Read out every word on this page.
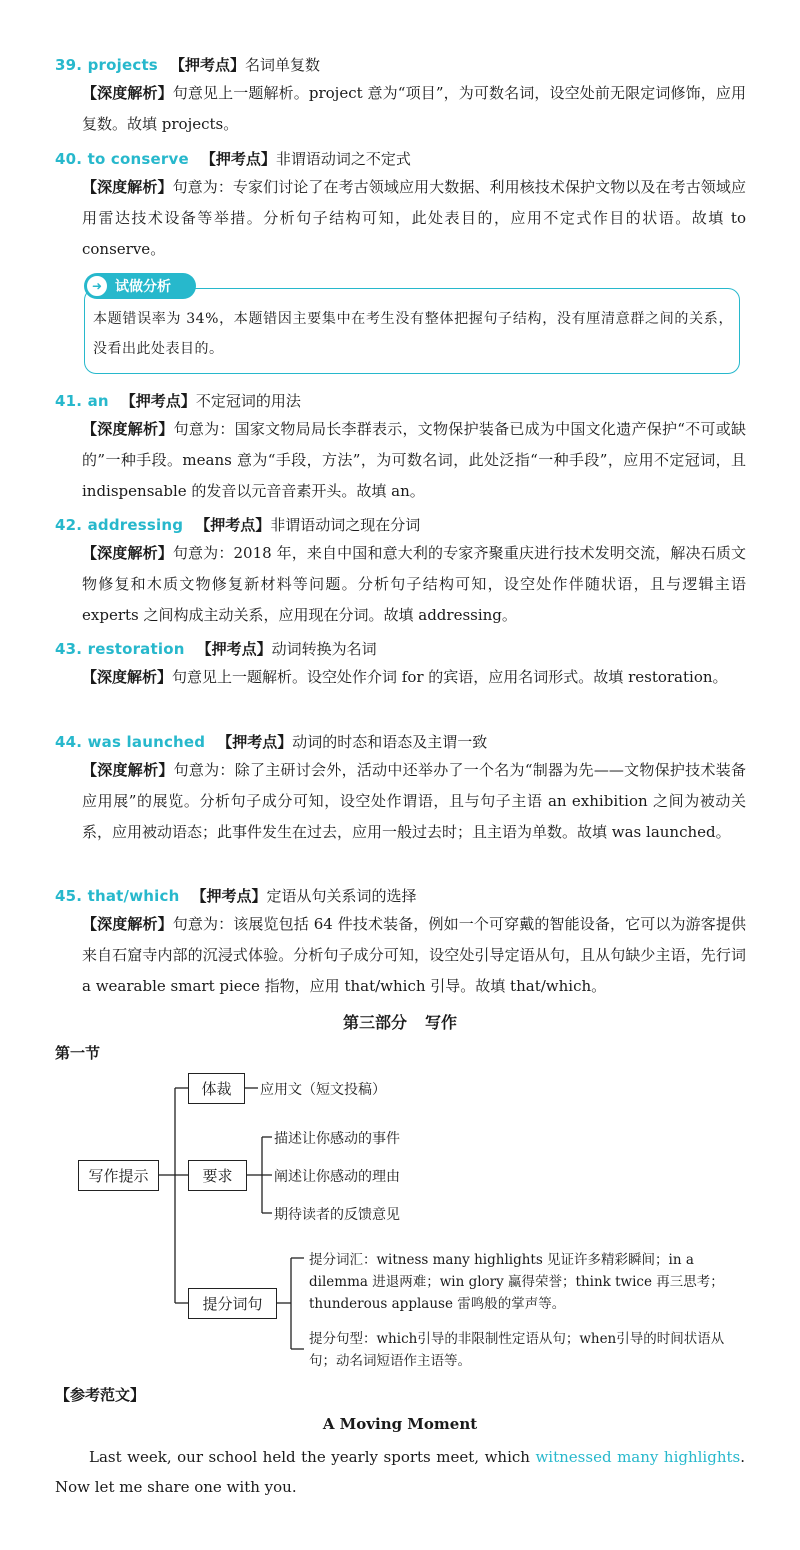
39. projects 【押考点】名词单复数
【深度解析】句意见上一题解析。project 意为“项目”，为可数名词，设空处前无限定词修饰，应用复数。故填 projects。
40. to conserve 【押考点】非谓语动词之不定式
【深度解析】句意为：专家们讨论了在考古领域应用大数据、利用核技术保护文物以及在考古领域应用雷达技术设备等举措。分析句子结构可知，此处表目的，应用不定式作目的状语。故填 to conserve。
➜ 试做分析
本题错误率为 34%，本题错因主要集中在考生没有整体把握句子结构，没有厘清意群之间的关系，没看出此处表目的。
41. an 【押考点】不定冠词的用法
【深度解析】句意为：国家文物局局长李群表示，文物保护装备已成为中国文化遗产保护“不可或缺的”一种手段。means 意为“手段，方法”，为可数名词，此处泛指“一种手段”，应用不定冠词，且 indispensable 的发音以元音音素开头。故填 an。
42. addressing 【押考点】非谓语动词之现在分词
【深度解析】句意为：2018 年，来自中国和意大利的专家齐聚重庆进行技术发明交流，解决石质文物修复和木质文物修复新材料等问题。分析句子结构可知，设空处作伴随状语，且与逻辑主语 experts 之间构成主动关系，应用现在分词。故填 addressing。
43. restoration 【押考点】动词转换为名词
【深度解析】句意见上一题解析。设空处作介词 for 的宾语，应用名词形式。故填 restoration。
44. was launched 【押考点】动词的时态和语态及主谓一致
【深度解析】句意为：除了主研讨会外，活动中还举办了一个名为“制器为先——文物保护技术装备应用展”的展览。分析句子成分可知，设空处作谓语，且与句子主语 an exhibition 之间为被动关系，应用被动语态；此事件发生在过去，应用一般过去时；且主语为单数。故填 was launched。
45. that/which 【押考点】定语从句关系词的选择
【深度解析】句意为：该展览包括 64 件技术装备，例如一个可穿戴的智能设备，它可以为游客提供来自石窟寺内部的沉浸式体验。分析句子成分可知，设空处引导定语从句，且从句缺少主语，先行词 a wearable smart piece 指物，应用 that/which 引导。故填 that/which。
第三部分 写作
第一节
写作提示
体裁	应用文（短文投稿）
要求
描述让你感动的事件
阐述让你感动的理由
期待读者的反馈意见
提分词句
提分词汇：witness many highlights 见证许多精彩瞬间；in a dilemma 进退两难；win glory 赢得荣誉；think twice 再三思考；thunderous applause 雷鸣般的掌声等。
提分句型：which引导的非限制性定语从句；when引导的时间状语从句；动名词短语作主语等。
【参考范文】
A Moving Moment
Last week, our school held the yearly sports meet, which witnessed many highlights. Now let me share one with you.
